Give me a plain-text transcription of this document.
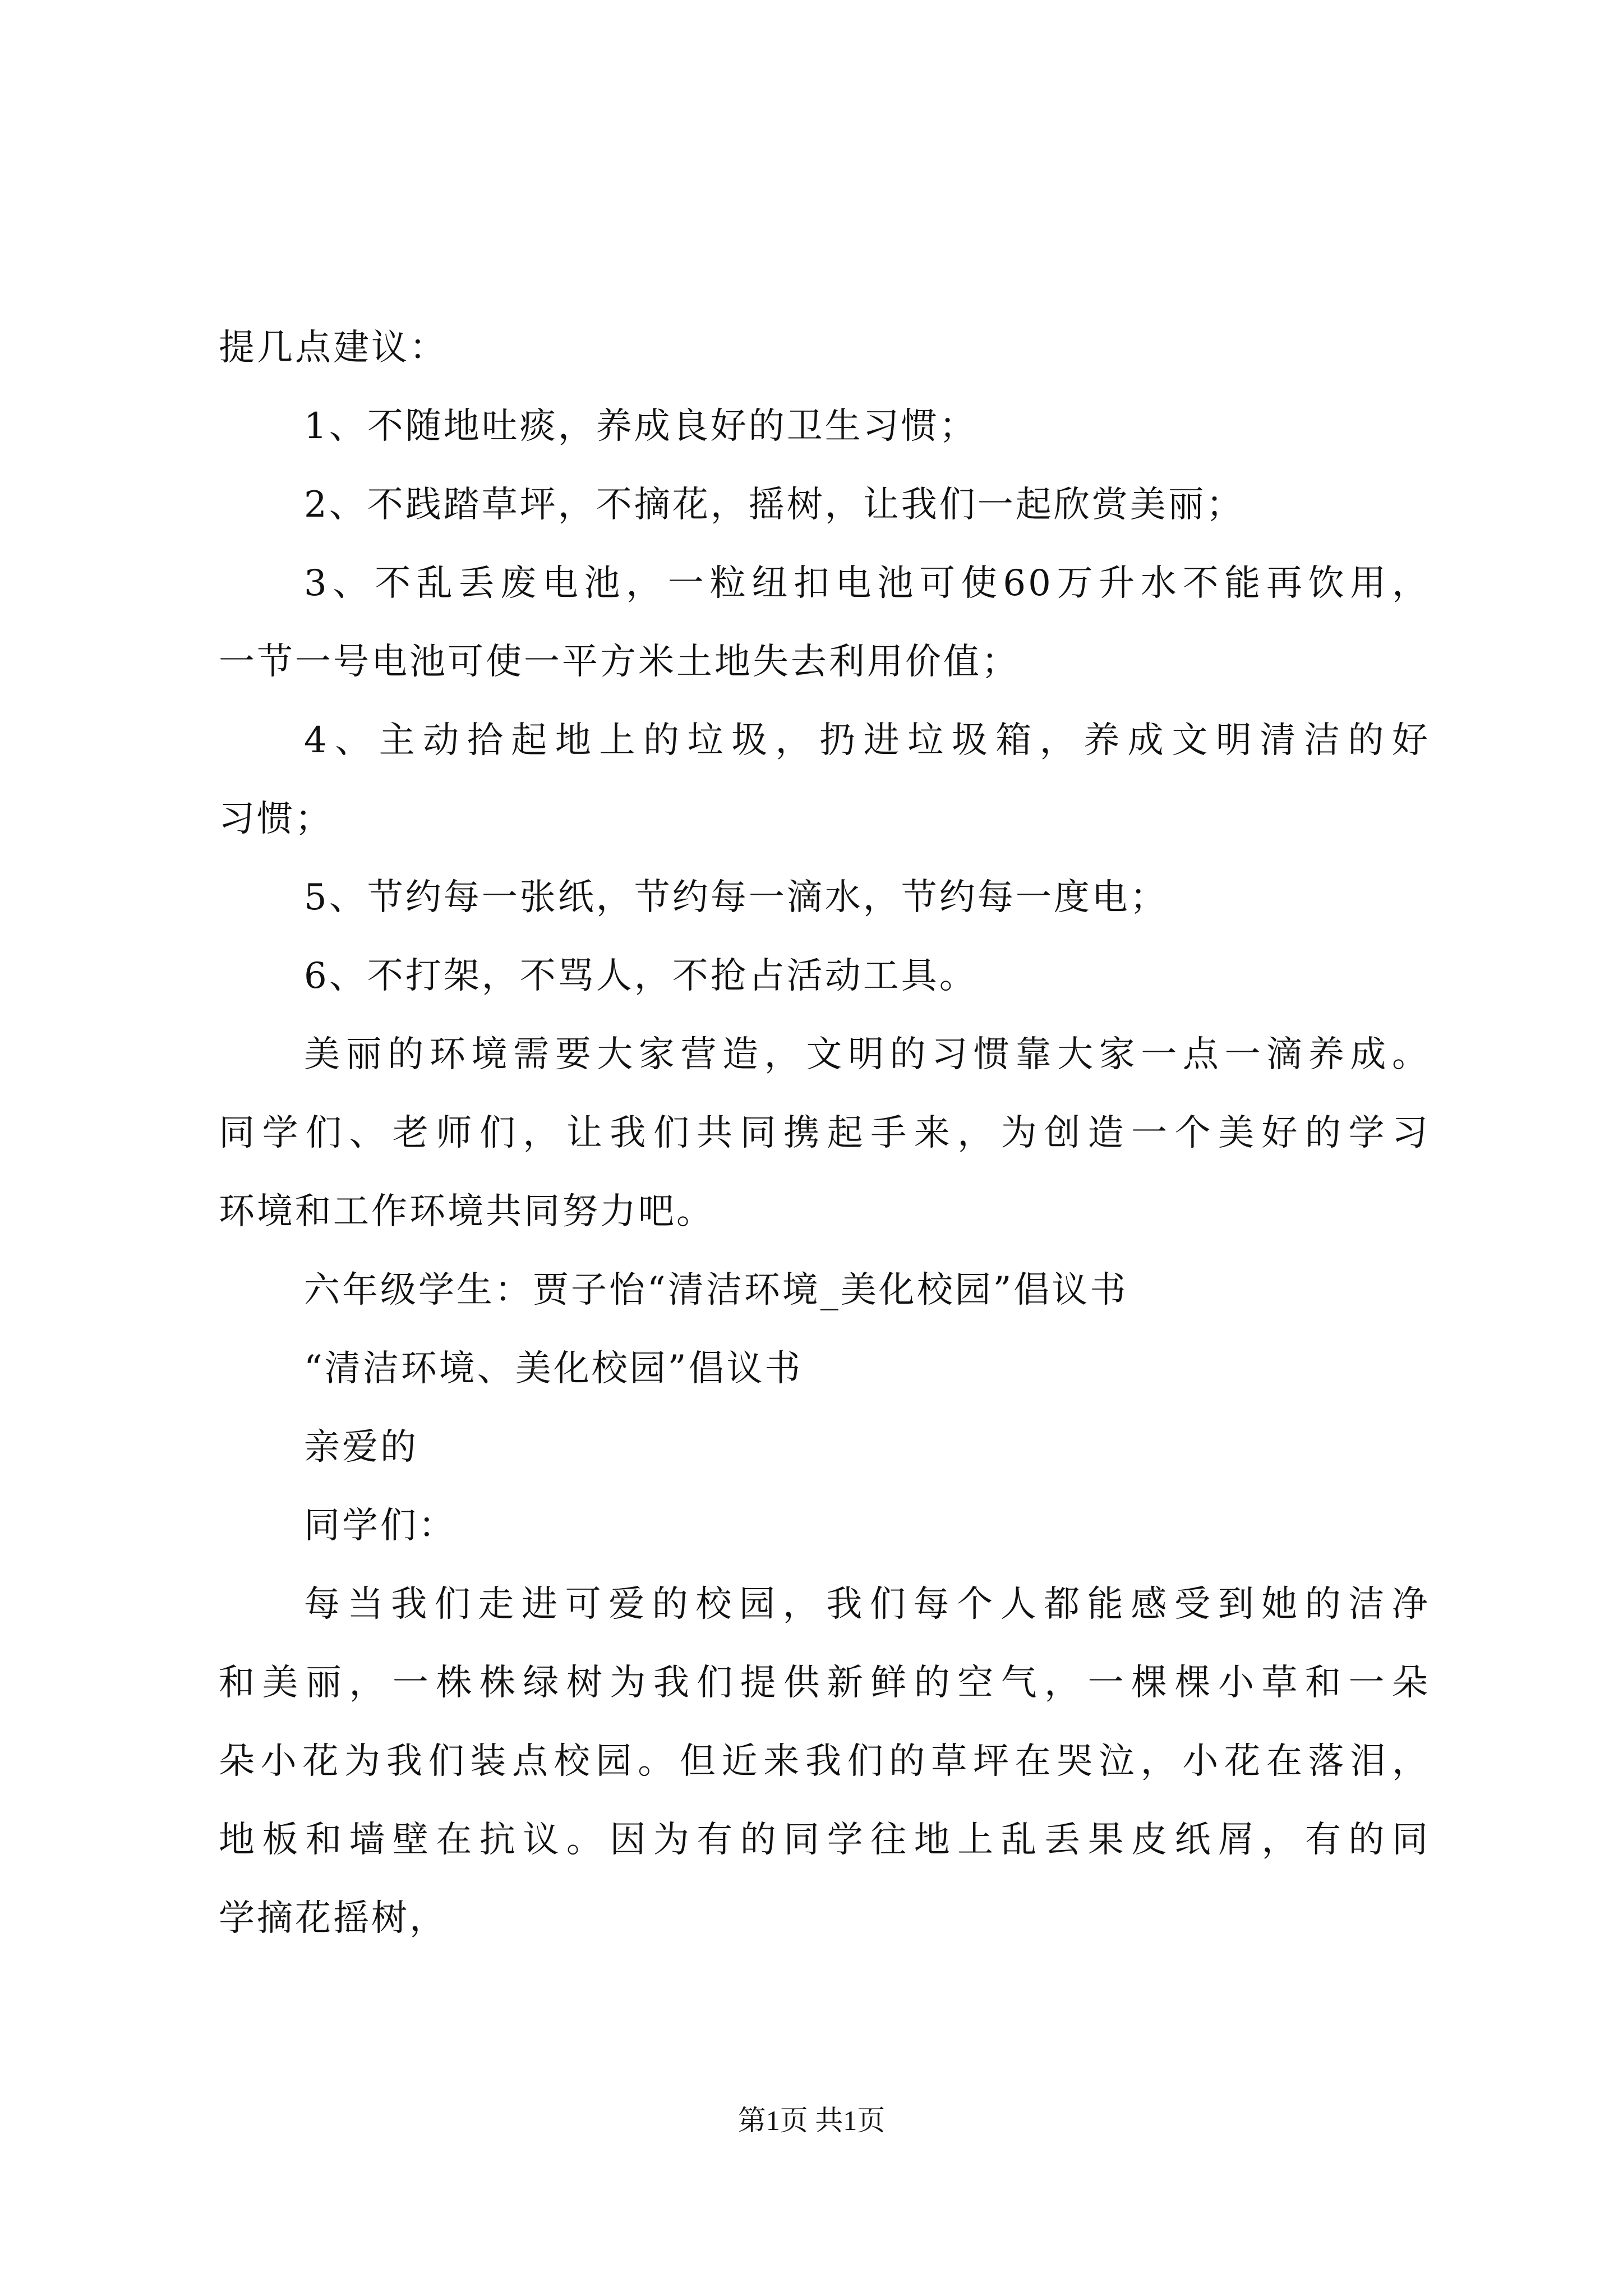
提几点建议：
1、不随地吐痰，养成良好的卫生习惯；
2、不践踏草坪，不摘花，摇树，让我们一起欣赏美丽；
3、不乱丢废电池，一粒纽扣电池可使60万升水不能再饮用，
一节一号电池可使一平方米土地失去利用价值；
4、主动拾起地上的垃圾，扔进垃圾箱，养成文明清洁的好
习惯；
5、节约每一张纸，节约每一滴水，节约每一度电；
6、不打架，不骂人，不抢占活动工具。
美丽的环境需要大家营造，文明的习惯靠大家一点一滴养成。
同学们、老师们，让我们共同携起手来，为创造一个美好的学习
环境和工作环境共同努力吧。
六年级学生：贾子怡“清洁环境_美化校园”倡议书
“清洁环境、美化校园”倡议书
亲爱的
同学们：
每当我们走进可爱的校园，我们每个人都能感受到她的洁净
和美丽，一株株绿树为我们提供新鲜的空气，一棵棵小草和一朵
朵小花为我们装点校园。但近来我们的草坪在哭泣，小花在落泪，
地板和墙壁在抗议。因为有的同学往地上乱丢果皮纸屑，有的同
学摘花摇树，
第1页 共1页
